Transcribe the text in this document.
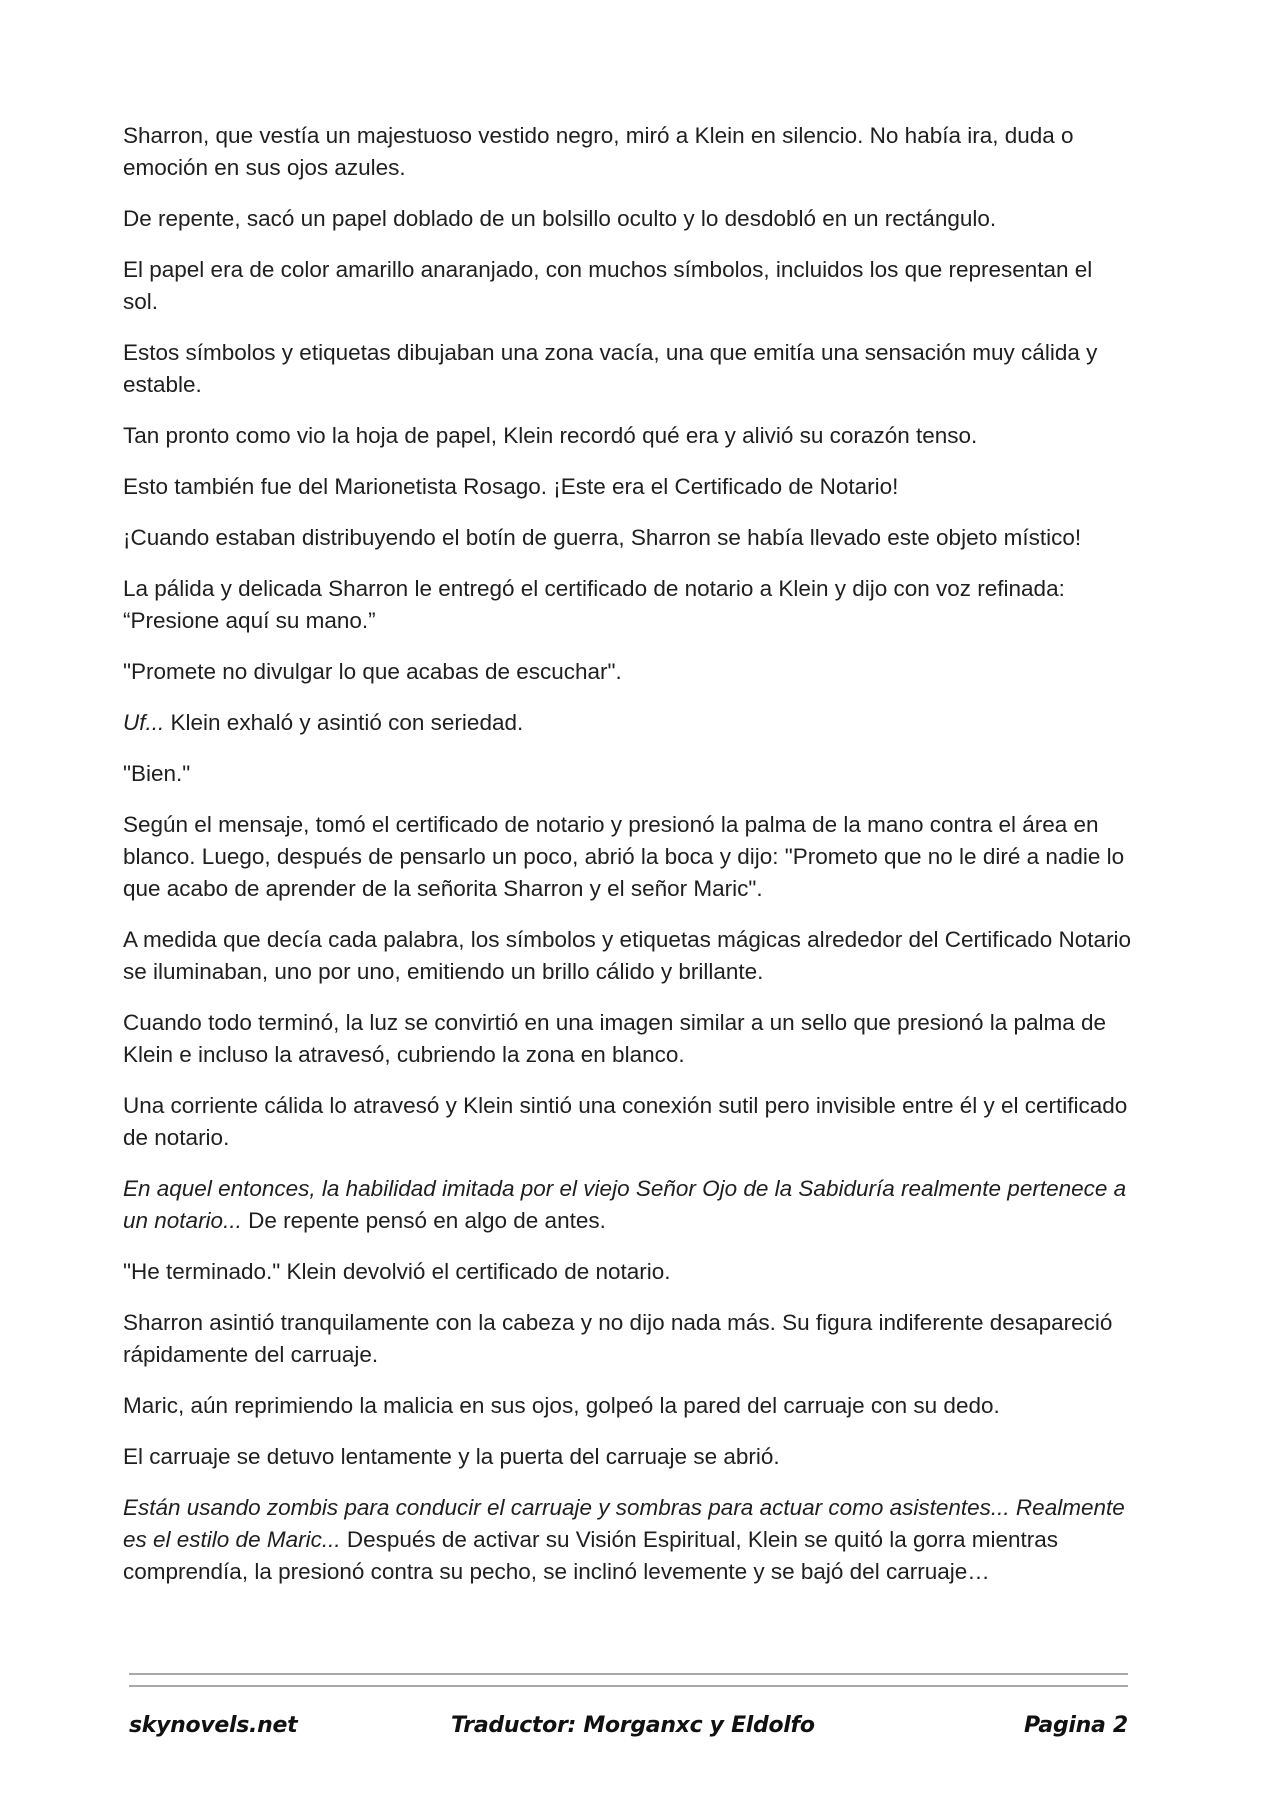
Sharron, que vestía un majestuoso vestido negro, miró a Klein en silencio. No había ira, duda o emoción en sus ojos azules.

De repente, sacó un papel doblado de un bolsillo oculto y lo desdobló en un rectángulo.

El papel era de color amarillo anaranjado, con muchos símbolos, incluidos los que representan el sol.

Estos símbolos y etiquetas dibujaban una zona vacía, una que emitía una sensación muy cálida y estable.

Tan pronto como vio la hoja de papel, Klein recordó qué era y alivió su corazón tenso.

Esto también fue del Marionetista Rosago. ¡Este era el Certificado de Notario!

¡Cuando estaban distribuyendo el botín de guerra, Sharron se había llevado este objeto místico!

La pálida y delicada Sharron le entregó el certificado de notario a Klein y dijo con voz refinada: “Presione aquí su mano.”

"Promete no divulgar lo que acabas de escuchar".

Uf... Klein exhaló y asintió con seriedad.

"Bien."

Según el mensaje, tomó el certificado de notario y presionó la palma de la mano contra el área en blanco. Luego, después de pensarlo un poco, abrió la boca y dijo: "Prometo que no le diré a nadie lo que acabo de aprender de la señorita Sharron y el señor Maric".

A medida que decía cada palabra, los símbolos y etiquetas mágicas alrededor del Certificado Notario se iluminaban, uno por uno, emitiendo un brillo cálido y brillante.

Cuando todo terminó, la luz se convirtió en una imagen similar a un sello que presionó la palma de Klein e incluso la atravesó, cubriendo la zona en blanco.

Una corriente cálida lo atravesó y Klein sintió una conexión sutil pero invisible entre él y el certificado de notario.

En aquel entonces, la habilidad imitada por el viejo Señor Ojo de la Sabiduría realmente pertenece a un notario... De repente pensó en algo de antes.

"He terminado." Klein devolvió el certificado de notario.

Sharron asintió tranquilamente con la cabeza y no dijo nada más. Su figura indiferente desapareció rápidamente del carruaje.

Maric, aún reprimiendo la malicia en sus ojos, golpeó la pared del carruaje con su dedo.

El carruaje se detuvo lentamente y la puerta del carruaje se abrió.

Están usando zombis para conducir el carruaje y sombras para actuar como asistentes... Realmente es el estilo de Maric... Después de activar su Visión Espiritual, Klein se quitó la gorra mientras comprendía, la presionó contra su pecho, se inclinó levemente y se bajó del carruaje…

skynovels.net	Traductor: Morganxc y Eldolfo	Pagina 2
